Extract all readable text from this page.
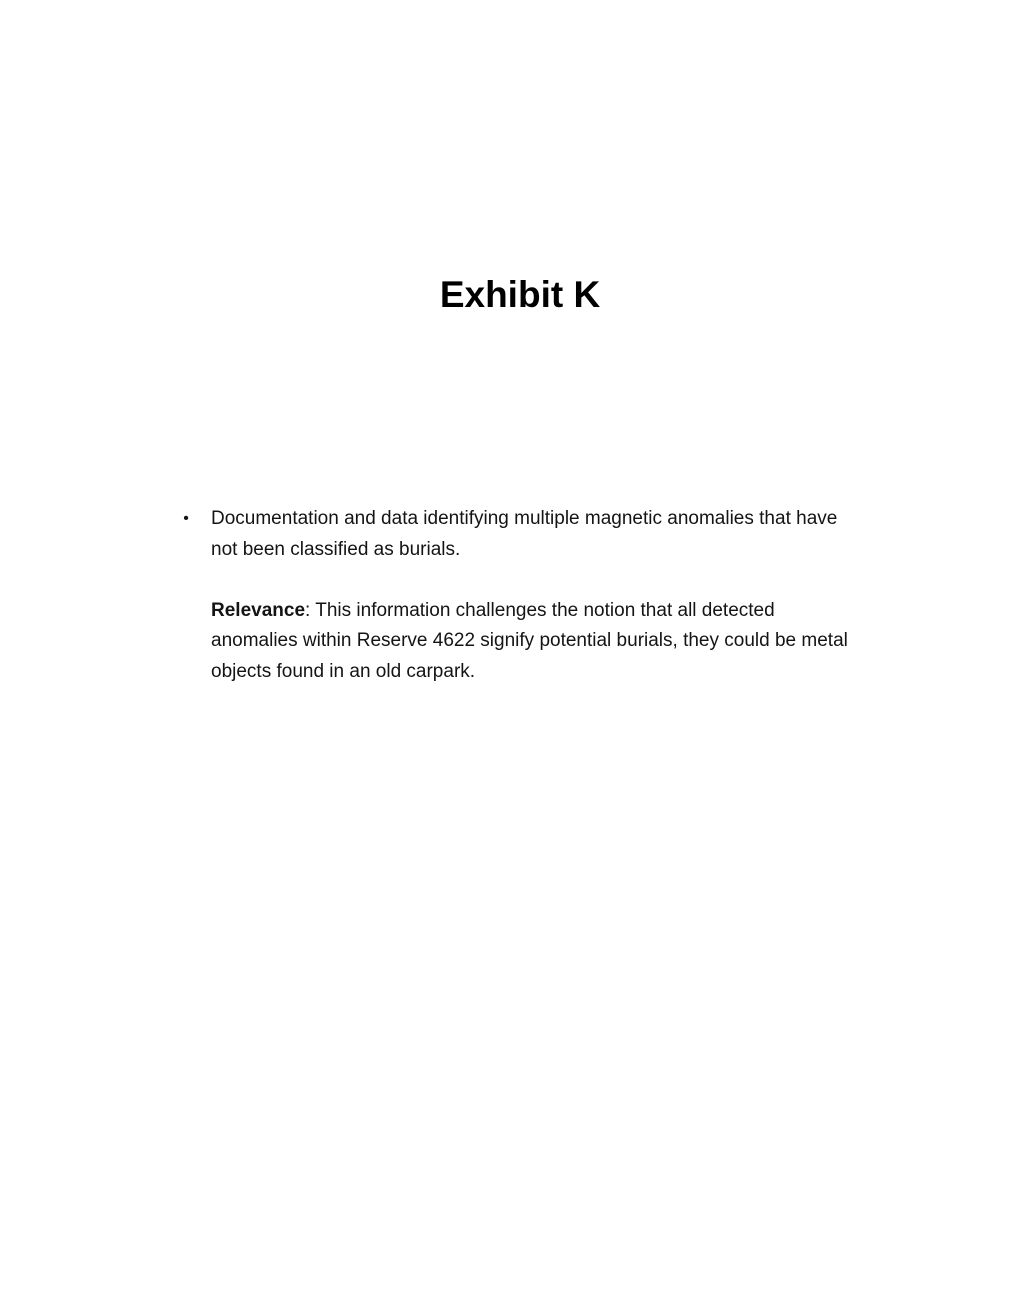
Exhibit K
• Documentation and data identifying multiple magnetic anomalies that have not been classified as burials.
Relevance: This information challenges the notion that all detected anomalies within Reserve 4622 signify potential burials, they could be metal objects found in an old carpark.
